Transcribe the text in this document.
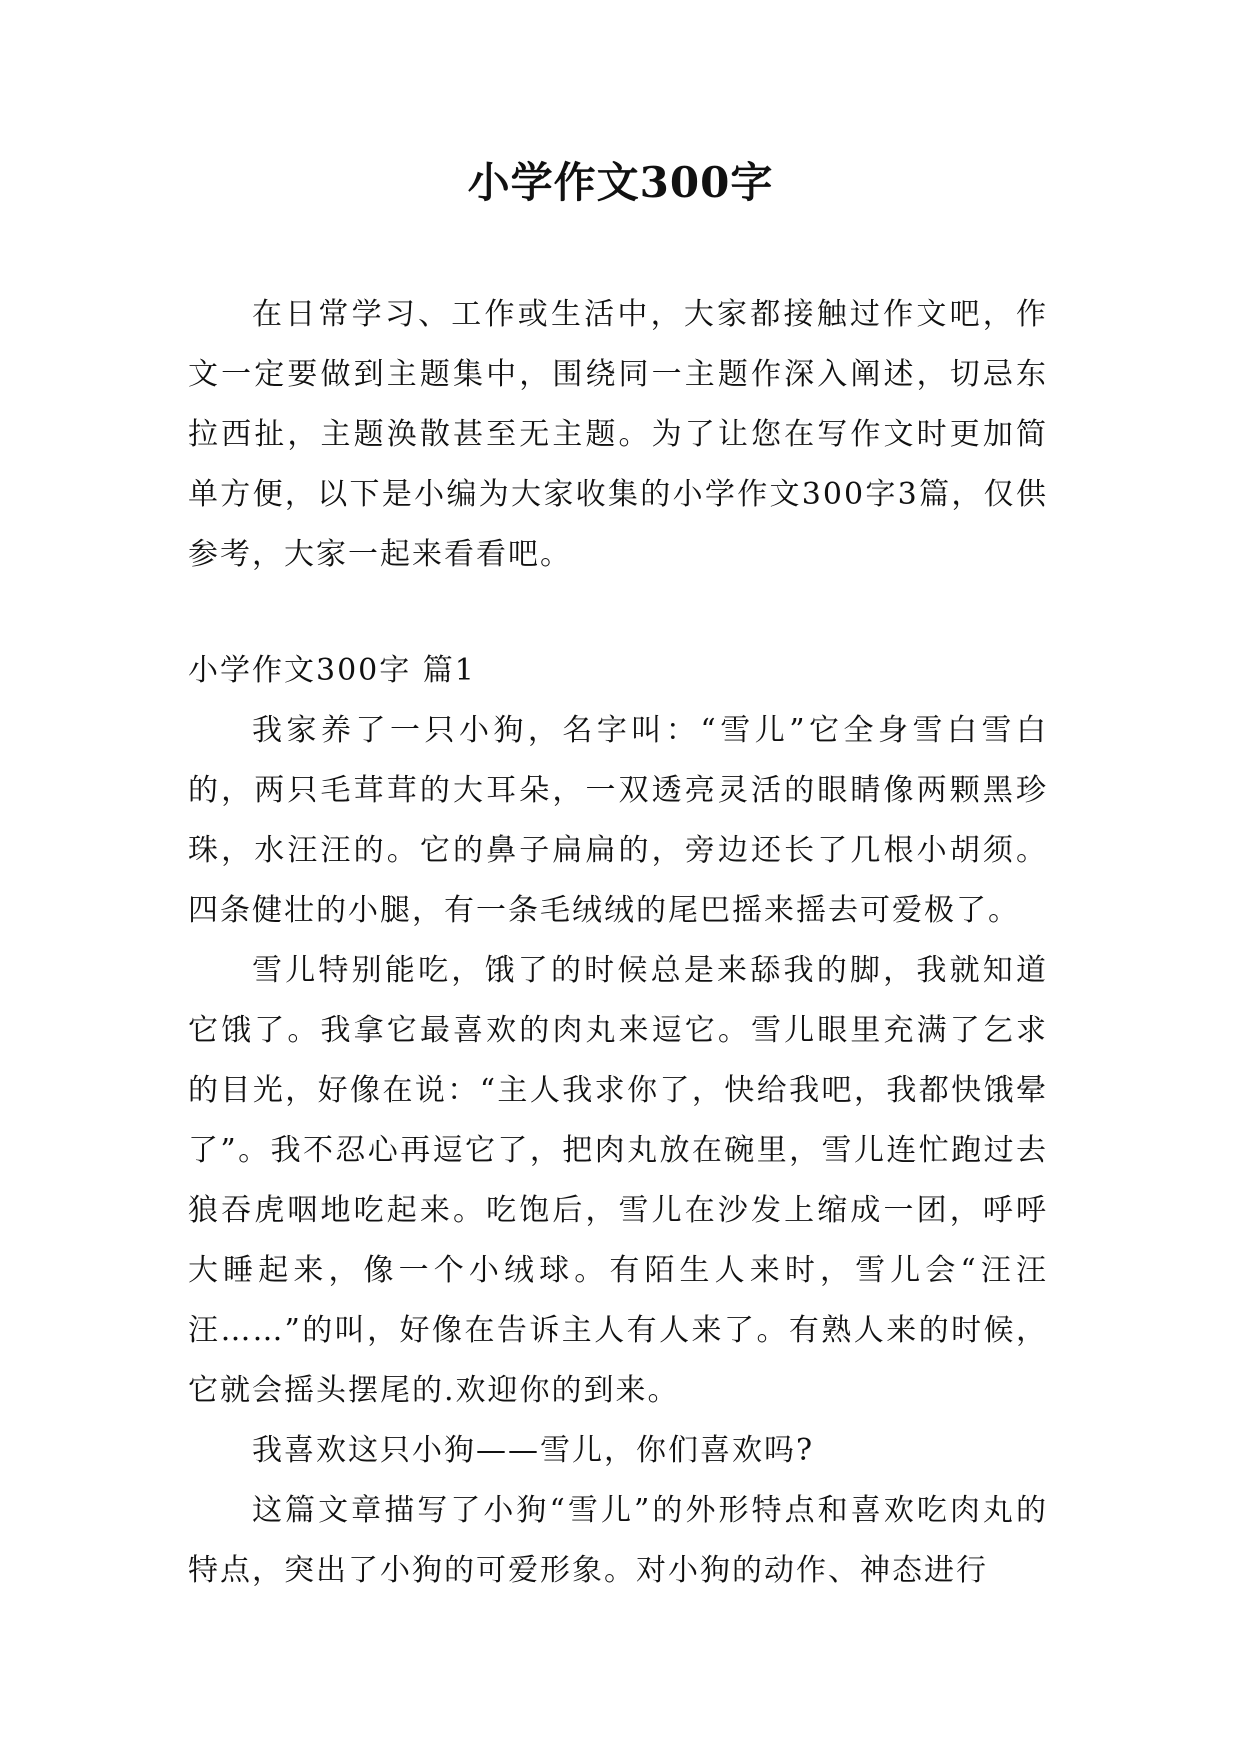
小学作文300字

在日常学习、工作或生活中，大家都接触过作文吧，作文一定要做到主题集中，围绕同一主题作深入阐述，切忌东拉西扯，主题涣散甚至无主题。为了让您在写作文时更加简单方便，以下是小编为大家收集的小学作文300字3篇，仅供参考，大家一起来看看吧。

小学作文300字 篇1

我家养了一只小狗，名字叫：“雪儿”它全身雪白雪白的，两只毛茸茸的大耳朵，一双透亮灵活的眼睛像两颗黑珍珠，水汪汪的。它的鼻子扁扁的，旁边还长了几根小胡须。四条健壮的小腿，有一条毛绒绒的尾巴摇来摇去可爱极了。

雪儿特别能吃，饿了的时候总是来舔我的脚，我就知道它饿了。我拿它最喜欢的肉丸来逗它。雪儿眼里充满了乞求的目光，好像在说：“主人我求你了，快给我吧，我都快饿晕了”。我不忍心再逗它了，把肉丸放在碗里，雪儿连忙跑过去狼吞虎咽地吃起来。吃饱后，雪儿在沙发上缩成一团，呼呼大睡起来，像一个小绒球。有陌生人来时，雪儿会“汪汪汪……”的叫，好像在告诉主人有人来了。有熟人来的时候，它就会摇头摆尾的.欢迎你的到来。

我喜欢这只小狗——雪儿，你们喜欢吗?

这篇文章描写了小狗“雪儿”的外形特点和喜欢吃肉丸的特点，突出了小狗的可爱形象。对小狗的动作、神态进行
